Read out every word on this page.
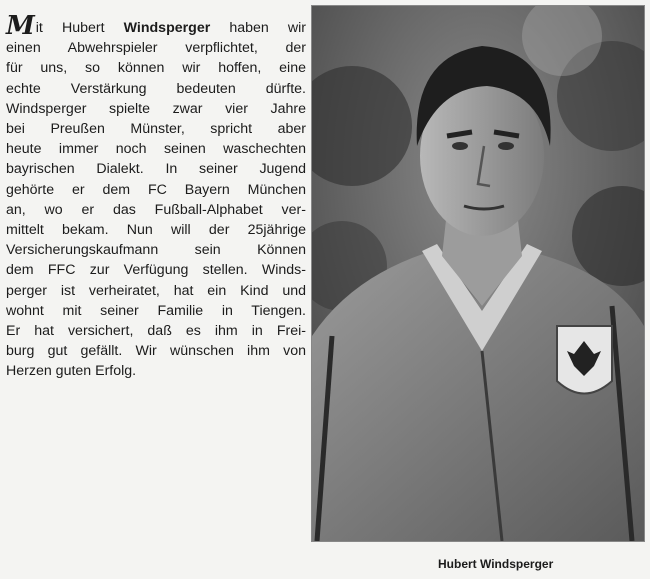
Mit Hubert Windsperger haben wir
einen Abwehrspieler verpflichtet, der
für uns, so können wir hoffen, eine
echte Verstärkung bedeuten dürfte.
Windsperger spielte zwar vier Jahre
bei Preußen Münster, spricht aber
heute immer noch seinen waschechten
bayrischen Dialekt. In seiner Jugend
gehörte er dem FC Bayern München
an, wo er das Fußball-Alphabet ver-
mittelt bekam. Nun will der 25jährige
Versicherungskaufmann sein Können
dem FFC zur Verfügung stellen. Winds-
perger ist verheiratet, hat ein Kind und
wohnt mit seiner Familie in Tiengen.
Er hat versichert, daß es ihm in Frei-
burg gut gefällt. Wir wünschen ihm von
Herzen guten Erfolg.
Hubert Windsperger
